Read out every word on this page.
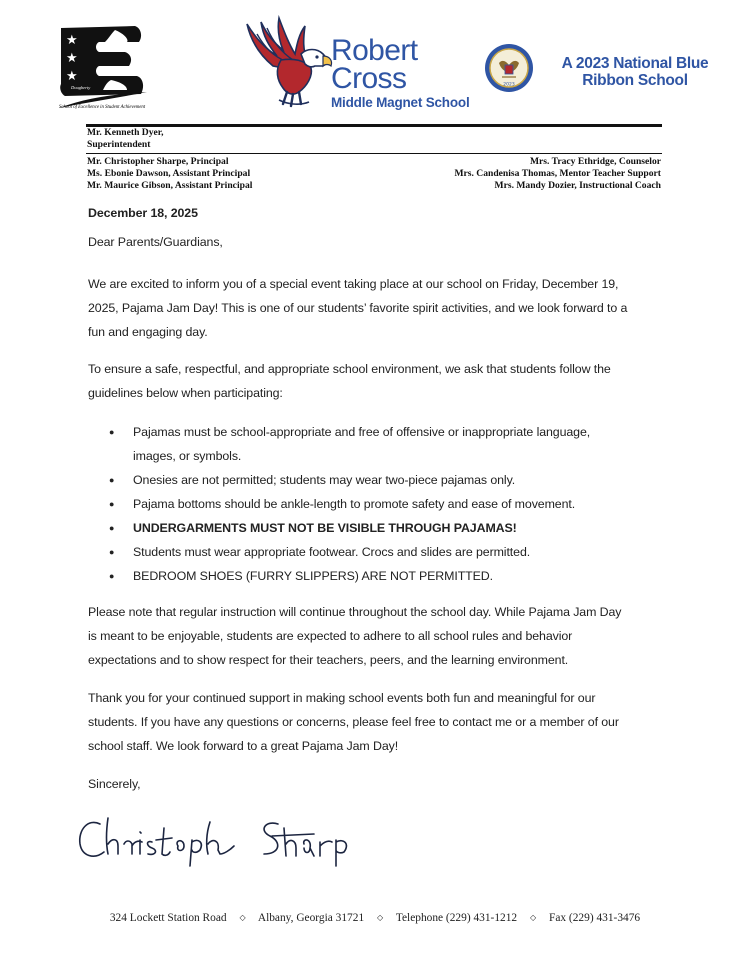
★
★
★
Dougherty
School of Excellence in Student Achievement
Robert
Cross
Middle Magnet School
2023
A 2023 National Blue Ribbon School
Mr. Kenneth Dyer,
Superintendent
Mr. Christopher Sharpe, Principal
Ms. Ebonie Dawson, Assistant Principal
Mr. Maurice Gibson, Assistant Principal
Mrs. Tracy Ethridge, Counselor
Mrs. Candenisa Thomas, Mentor Teacher Support
Mrs. Mandy Dozier, Instructional Coach
December 18, 2025
Dear Parents/Guardians,
We are excited to inform you of a special event taking place at our school on Friday, December 19,
2025, Pajama Jam Day! This is one of our students’ favorite spirit activities, and we look forward to a
fun and engaging day.
To ensure a safe, respectful, and appropriate school environment, we ask that students follow the
guidelines below when participating:
● Pajamas must be school-appropriate and free of offensive or inappropriate language,
images, or symbols.
● Onesies are not permitted; students may wear two-piece pajamas only.
● Pajama bottoms should be ankle-length to promote safety and ease of movement.
● UNDERGARMENTS MUST NOT BE VISIBLE THROUGH PAJAMAS!
● Students must wear appropriate footwear. Crocs and slides are permitted.
● BEDROOM SHOES (FURRY SLIPPERS) ARE NOT PERMITTED.
Please note that regular instruction will continue throughout the school day. While Pajama Jam Day
is meant to be enjoyable, students are expected to adhere to all school rules and behavior
expectations and to show respect for their teachers, peers, and the learning environment.
Thank you for your continued support in making school events both fun and meaningful for our
students. If you have any questions or concerns, please feel free to contact me or a member of our
school staff. We look forward to a great Pajama Jam Day!
Sincerely,
324 Lockett Station Road ◇ Albany, Georgia 31721 ◇ Telephone (229) 431-1212 ◇ Fax (229) 431-3476
